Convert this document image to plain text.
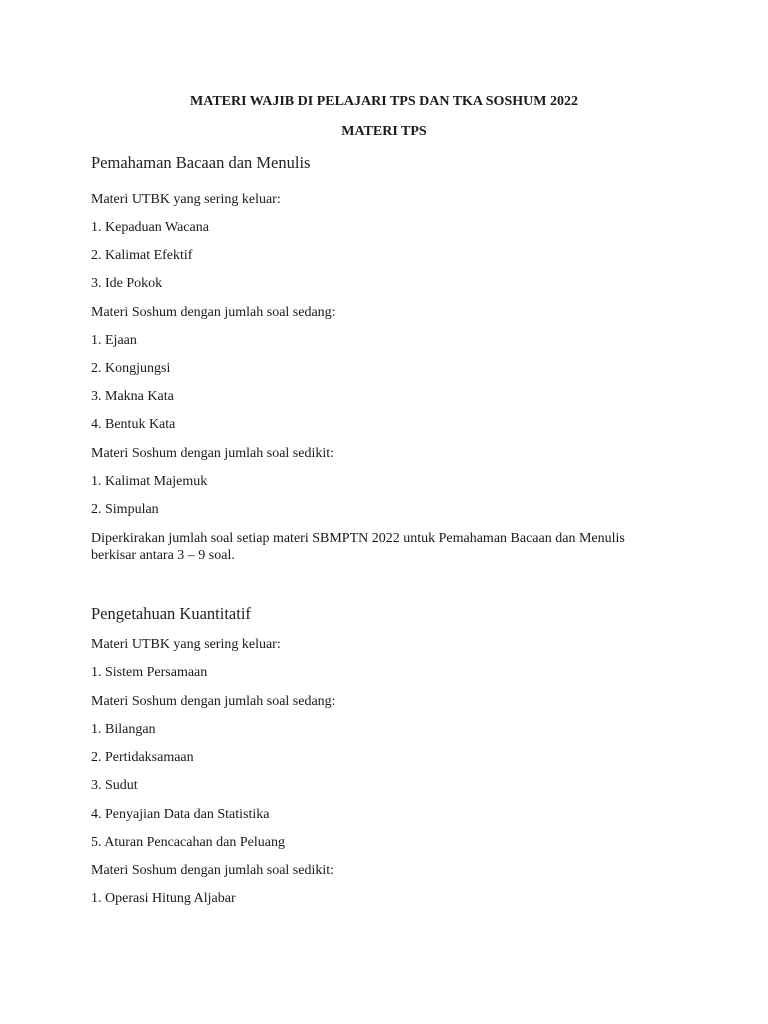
MATERI WAJIB DI PELAJARI TPS DAN TKA SOSHUM 2022
MATERI TPS
Pemahaman Bacaan dan Menulis

Materi UTBK yang sering keluar:

1. Kepaduan Wacana

2. Kalimat Efektif

3. Ide Pokok

Materi Soshum dengan jumlah soal sedang:

1. Ejaan

2. Kongjungsi

3. Makna Kata

4. Bentuk Kata

Materi Soshum dengan jumlah soal sedikit:

1. Kalimat Majemuk

2. Simpulan

Diperkirakan jumlah soal setiap materi SBMPTN 2022 untuk Pemahaman Bacaan dan Menulis

berkisar antara 3 – 9 soal.

Pengetahuan Kuantitatif

Materi UTBK yang sering keluar:

1. Sistem Persamaan

Materi Soshum dengan jumlah soal sedang:

1. Bilangan

2. Pertidaksamaan

3. Sudut

4. Penyajian Data dan Statistika

5. Aturan Pencacahan dan Peluang

Materi Soshum dengan jumlah soal sedikit:

1. Operasi Hitung Aljabar
